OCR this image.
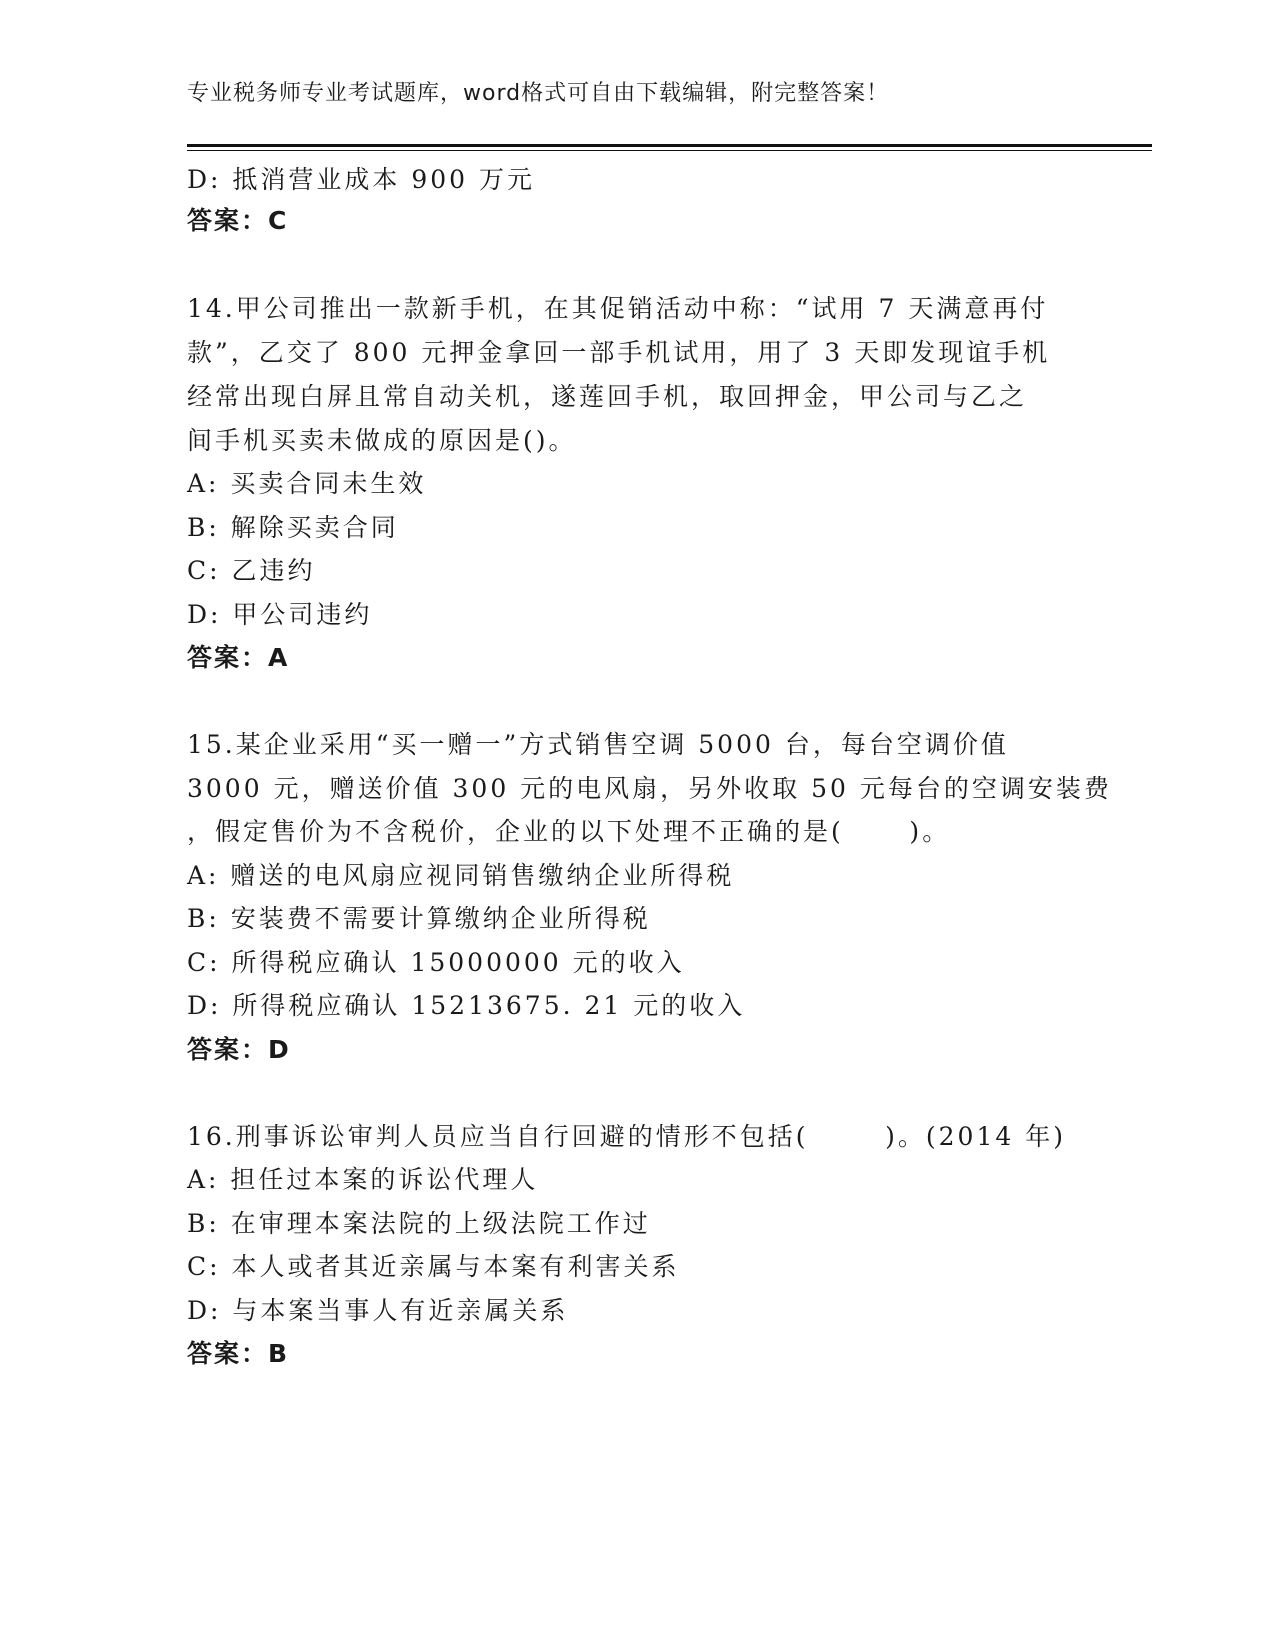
专业税务师专业考试题库，word格式可自由下载编辑，附完整答案！
D: 抵消营业成本 900 万元
答案：C
14.甲公司推出一款新手机，在其促销活动中称：“试用 7 天满意再付
款”，乙交了 800 元押金拿回一部手机试用，用了 3 天即发现谊手机
经常出现白屏且常自动关机，遂莲回手机，取回押金，甲公司与乙之
间手机买卖未做成的原因是()。
A: 买卖合同未生效
B: 解除买卖合同
C: 乙违约
D: 甲公司违约
答案：A
15.某企业采用“买一赠一”方式销售空调 5000 台，每台空调价值
3000 元，赠送价值 300 元的电风扇，另外收取 50 元每台的空调安装费
，假定售价为不含税价，企业的以下处理不正确的是(      )。
A: 赠送的电风扇应视同销售缴纳企业所得税
B: 安装费不需要计算缴纳企业所得税
C: 所得税应确认 15000000 元的收入
D: 所得税应确认 15213675. 21 元的收入
答案：D
16.刑事诉讼审判人员应当自行回避的情形不包括(       )。(2014 年)
A: 担任过本案的诉讼代理人
B: 在审理本案法院的上级法院工作过
C: 本人或者其近亲属与本案有利害关系
D: 与本案当事人有近亲属关系
答案：B
